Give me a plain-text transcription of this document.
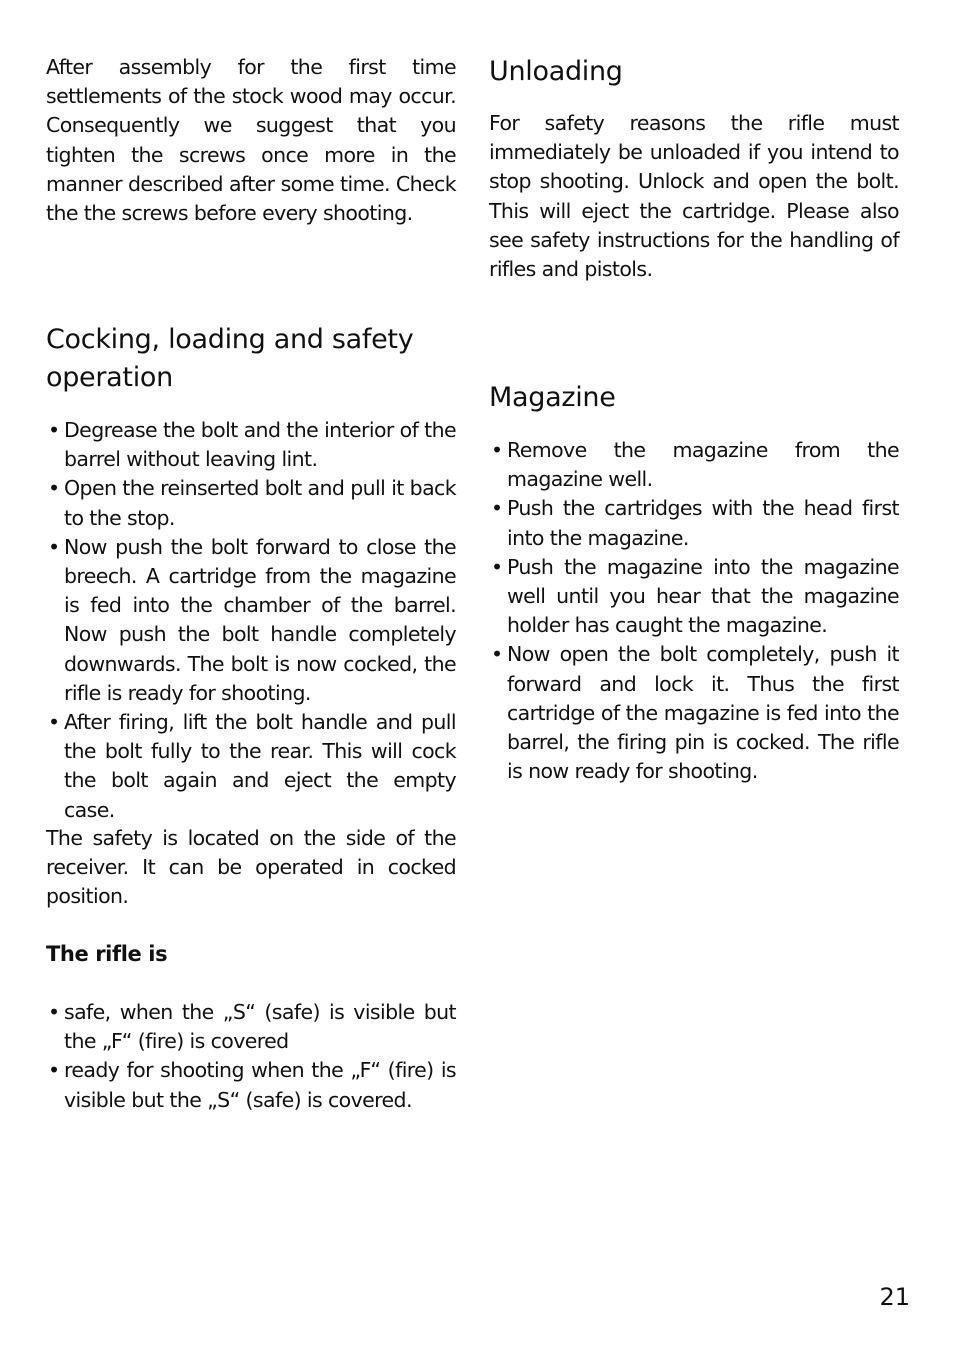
After assembly for the first time settlements of the stock wood may occur. Consequently we suggest that you tighten the screws once more in the manner described after some time. Check the the screws before every shooting.

Cocking, loading and safety operation
• Degrease the bolt and the interior of the barrel without leaving lint.
• Open the reinserted bolt and pull it back to the stop.
• Now push the bolt forward to close the breech. A cartridge from the magazine is fed into the chamber of the barrel. Now push the bolt handle completely downwards. The bolt is now cocked, the rifle is ready for shooting.
• After firing, lift the bolt handle and pull the bolt fully to the rear. This will cock the bolt again and eject the empty case.

The safety is located on the side of the receiver. It can be operated in cocked position.

The rifle is
• safe, when the „S“ (safe) is visible but the „F“ (fire) is covered
• ready for shooting when the „F“ (fire) is visible but the „S“ (safe) is covered.
Unloading

For safety reasons the rifle must immediately be unloaded if you intend to stop shooting. Unlock and open the bolt. This will eject the cartridge. Please also see safety instructions for the handling of rifles and pistols.

Magazine
• Remove the magazine from the magazine well.
• Push the cartridges with the head first into the magazine.
• Push the magazine into the magazine well until you hear that the magazine holder has caught the magazine.
• Now open the bolt completely, push it forward and lock it. Thus the first cartridge of the magazine is fed into the barrel, the firing pin is cocked. The rifle is now ready for shooting.
21
